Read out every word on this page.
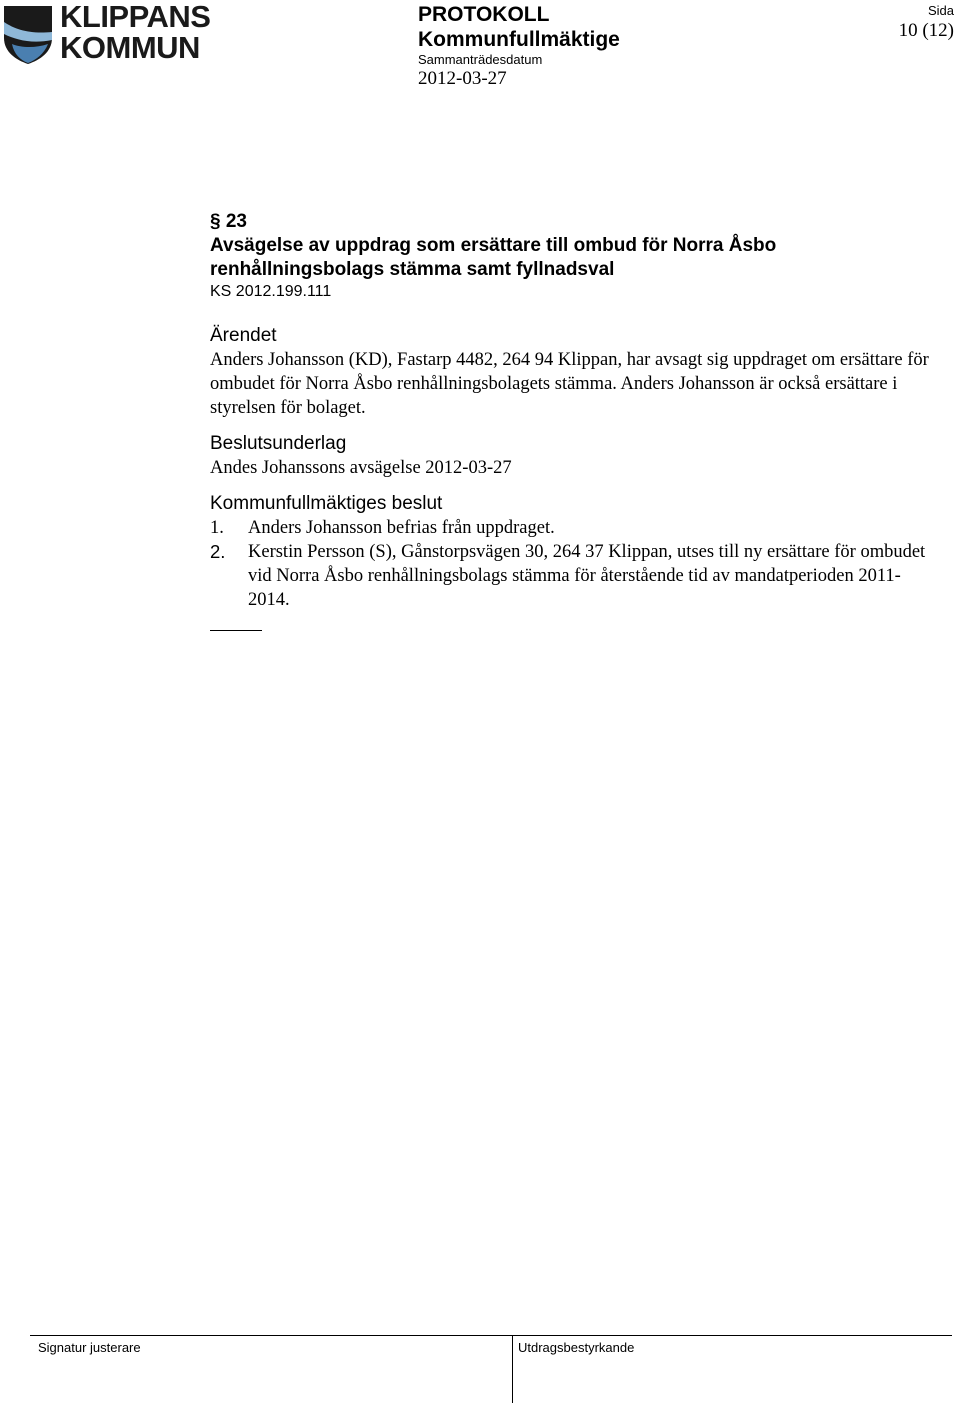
KLIPPANS
KOMMUN
PROTOKOLL
Kommunfullmäktige
Sammanträdesdatum
2012-03-27
Sida
10 (12)
§ 23
Avsägelse av uppdrag som ersättare till ombud för Norra Åsbo renhållningsbolags stämma samt fyllnadsval
KS 2012.199.111
Ärendet

Anders Johansson (KD), Fastarp 4482, 264 94 Klippan, har avsagt sig uppdraget om ersättare för ombudet för Norra Åsbo renhållningsbolagets stämma. Anders Johansson är också ersättare i styrelsen för bolaget.

Beslutsunderlag

Andes Johanssons avsägelse 2012-03-27

Kommunfullmäktiges beslut
1. Anders Johansson befrias från uppdraget.
2. Kerstin Persson (S), Gånstorpsvägen 30, 264 37 Klippan, utses till ny ersättare för ombudet vid Norra Åsbo renhållningsbolags stämma för återstående tid av mandatperioden 2011-2014.
Signatur justerare	Utdragsbestyrkande
